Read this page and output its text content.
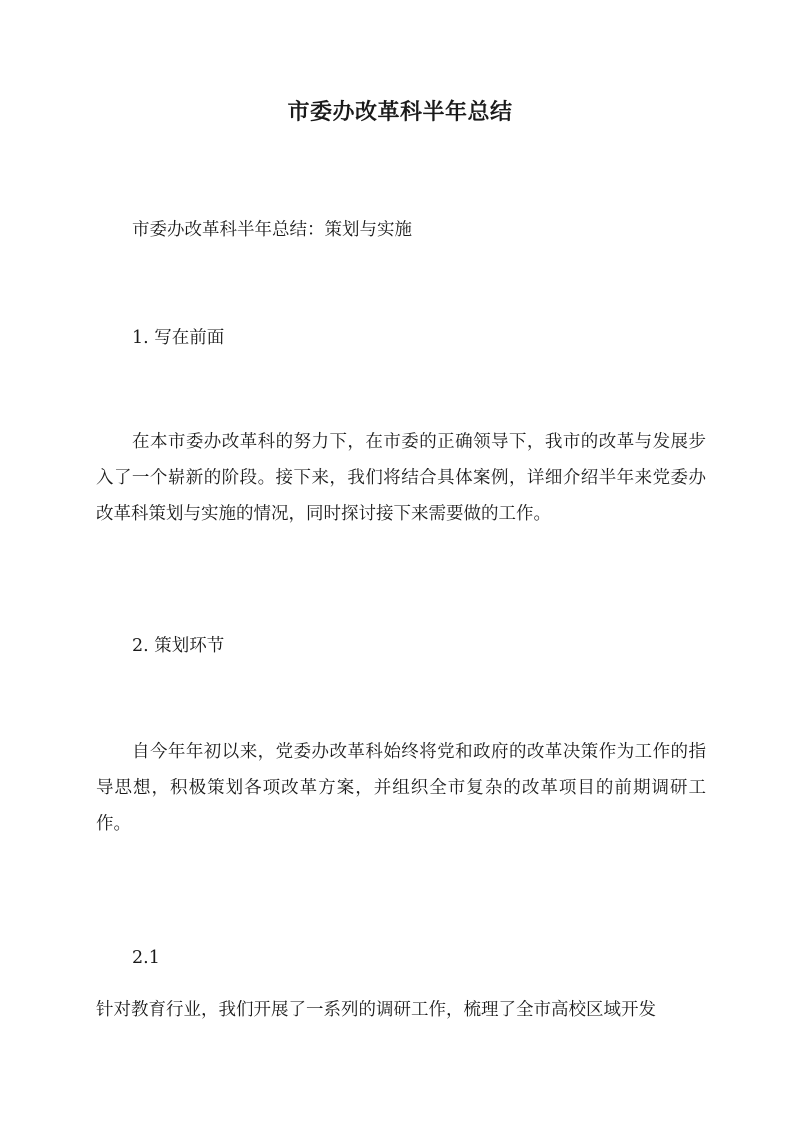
市委办改革科半年总结
市委办改革科半年总结：策划与实施
1. 写在前面
在本市委办改革科的努力下，在市委的正确领导下，我市的改革与发展步入了一个崭新的阶段。接下来，我们将结合具体案例，详细介绍半年来党委办改革科策划与实施的情况，同时探讨接下来需要做的工作。
2. 策划环节
自今年年初以来，党委办改革科始终将党和政府的改革决策作为工作的指导思想，积极策划各项改革方案，并组织全市复杂的改革项目的前期调研工作。
2.1
针对教育行业，我们开展了一系列的调研工作，梳理了全市高校区域开发
